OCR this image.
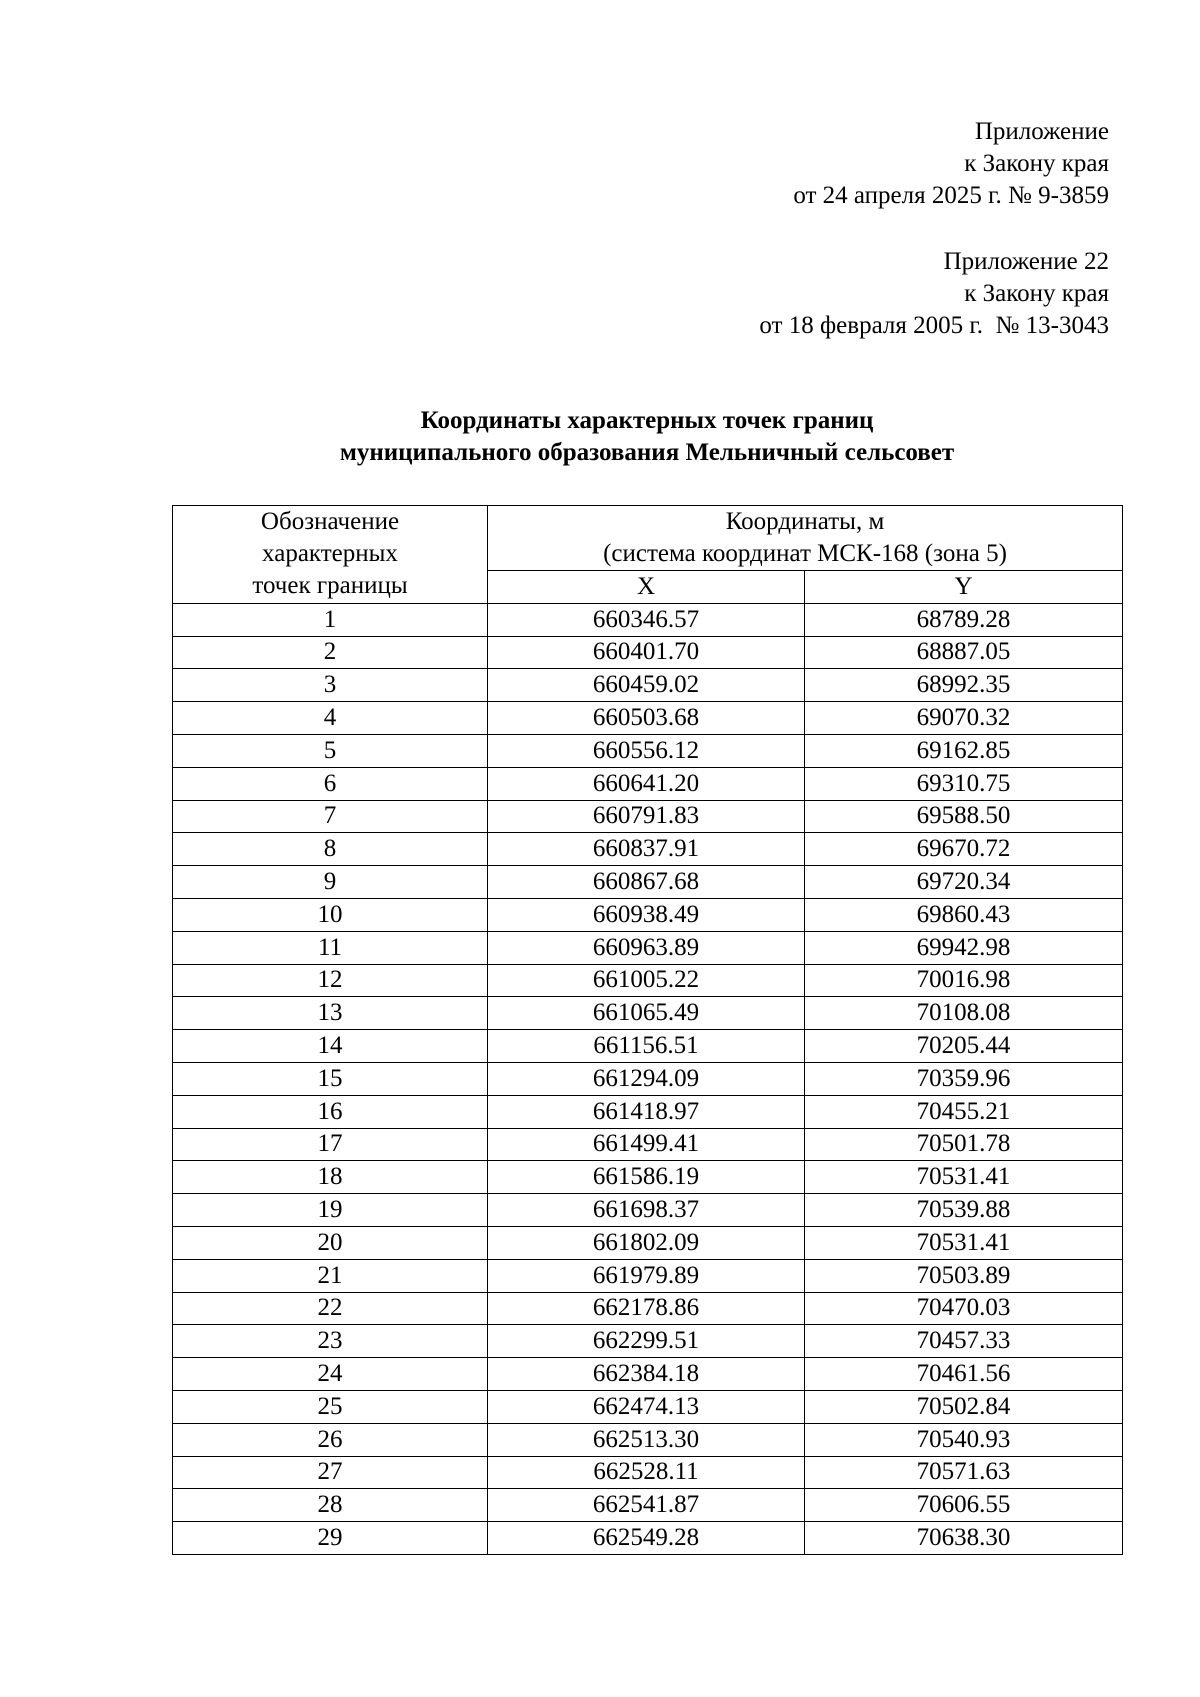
Приложение
к Закону края
от 24 апреля 2025 г. № 9-3859
Приложение 22
к Закону края
от 18 февраля 2005 г.  № 13-3043
Координаты характерных точек границ
муниципального образования Мельничный сельсовет
Обозначение
характерных
точек границы	Координаты, м
(система координат МСК-168 (зона 5)	

	X	Y
1	660346.57	68789.28
2	660401.70	68887.05
3	660459.02	68992.35
4	660503.68	69070.32
5	660556.12	69162.85
6	660641.20	69310.75
7	660791.83	69588.50
8	660837.91	69670.72
9	660867.68	69720.34
10	660938.49	69860.43
11	660963.89	69942.98
12	661005.22	70016.98
13	661065.49	70108.08
14	661156.51	70205.44
15	661294.09	70359.96
16	661418.97	70455.21
17	661499.41	70501.78
18	661586.19	70531.41
19	661698.37	70539.88
20	661802.09	70531.41
21	661979.89	70503.89
22	662178.86	70470.03
23	662299.51	70457.33
24	662384.18	70461.56
25	662474.13	70502.84
26	662513.30	70540.93
27	662528.11	70571.63
28	662541.87	70606.55
29	662549.28	70638.30
